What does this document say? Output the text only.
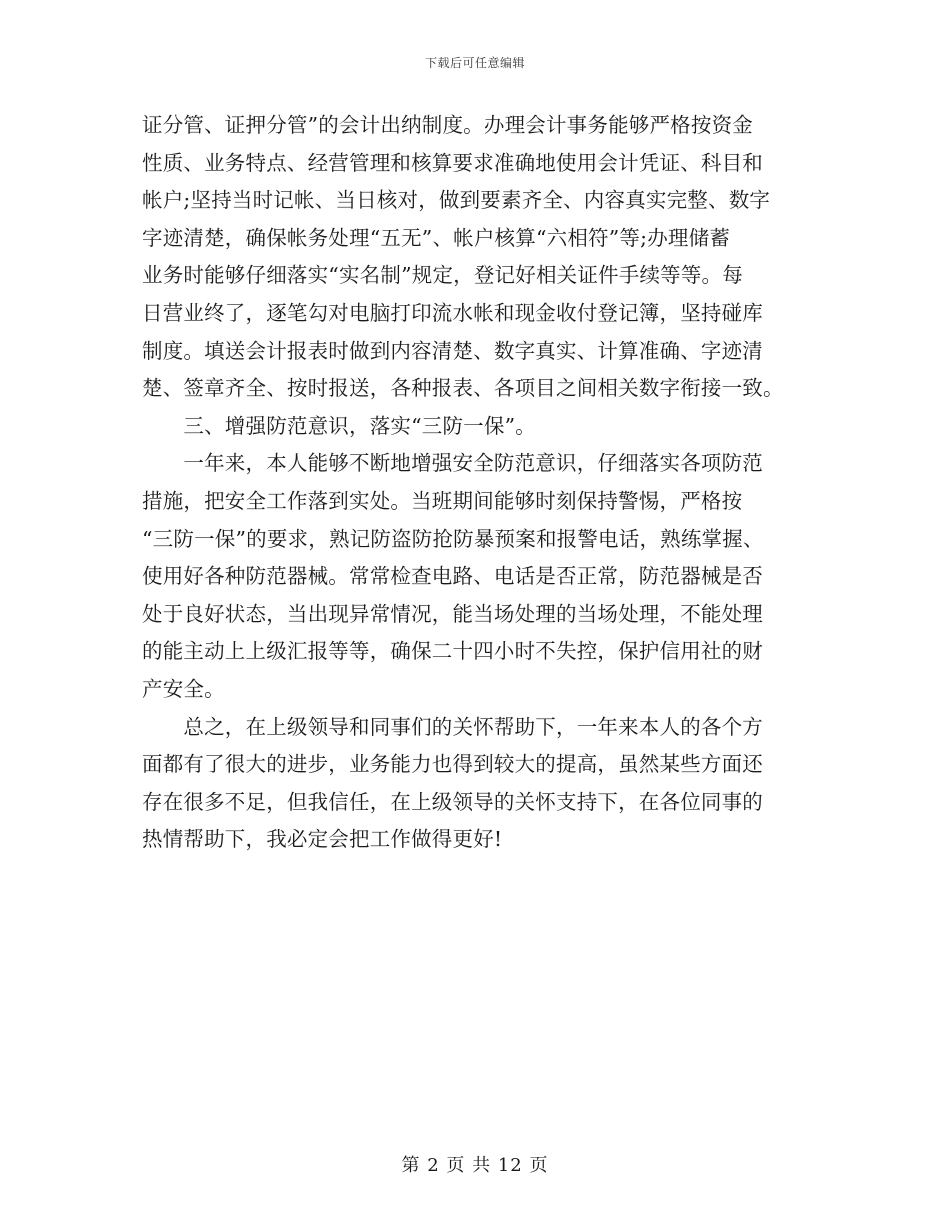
下载后可任意编辑
证分管、证押分管”的会计出纳制度。办理会计事务能够严格按资金
性质、业务特点、经营管理和核算要求准确地使用会计凭证、科目和
帐户;坚持当时记帐、当日核对，做到要素齐全、内容真实完整、数字
字迹清楚，确保帐务处理“五无”、帐户核算“六相符”等;办理储蓄
业务时能够仔细落实“实名制”规定，登记好相关证件手续等等。每
日营业终了，逐笔勾对电脑打印流水帐和现金收付登记簿，坚持碰库
制度。填送会计报表时做到内容清楚、数字真实、计算准确、字迹清
楚、签章齐全、按时报送，各种报表、各项目之间相关数字衔接一致。
　　三、增强防范意识，落实“三防一保”。
　　一年来，本人能够不断地增强安全防范意识，仔细落实各项防范
措施，把安全工作落到实处。当班期间能够时刻保持警惕，严格按
“三防一保”的要求，熟记防盗防抢防暴预案和报警电话，熟练掌握、
使用好各种防范器械。常常检查电路、电话是否正常，防范器械是否
处于良好状态，当出现异常情况，能当场处理的当场处理，不能处理
的能主动上上级汇报等等，确保二十四小时不失控，保护信用社的财
产安全。
　　总之，在上级领导和同事们的关怀帮助下，一年来本人的各个方
面都有了很大的进步，业务能力也得到较大的提高，虽然某些方面还
存在很多不足，但我信任，在上级领导的关怀支持下，在各位同事的
热情帮助下，我必定会把工作做得更好!
第 2 页 共 12 页
